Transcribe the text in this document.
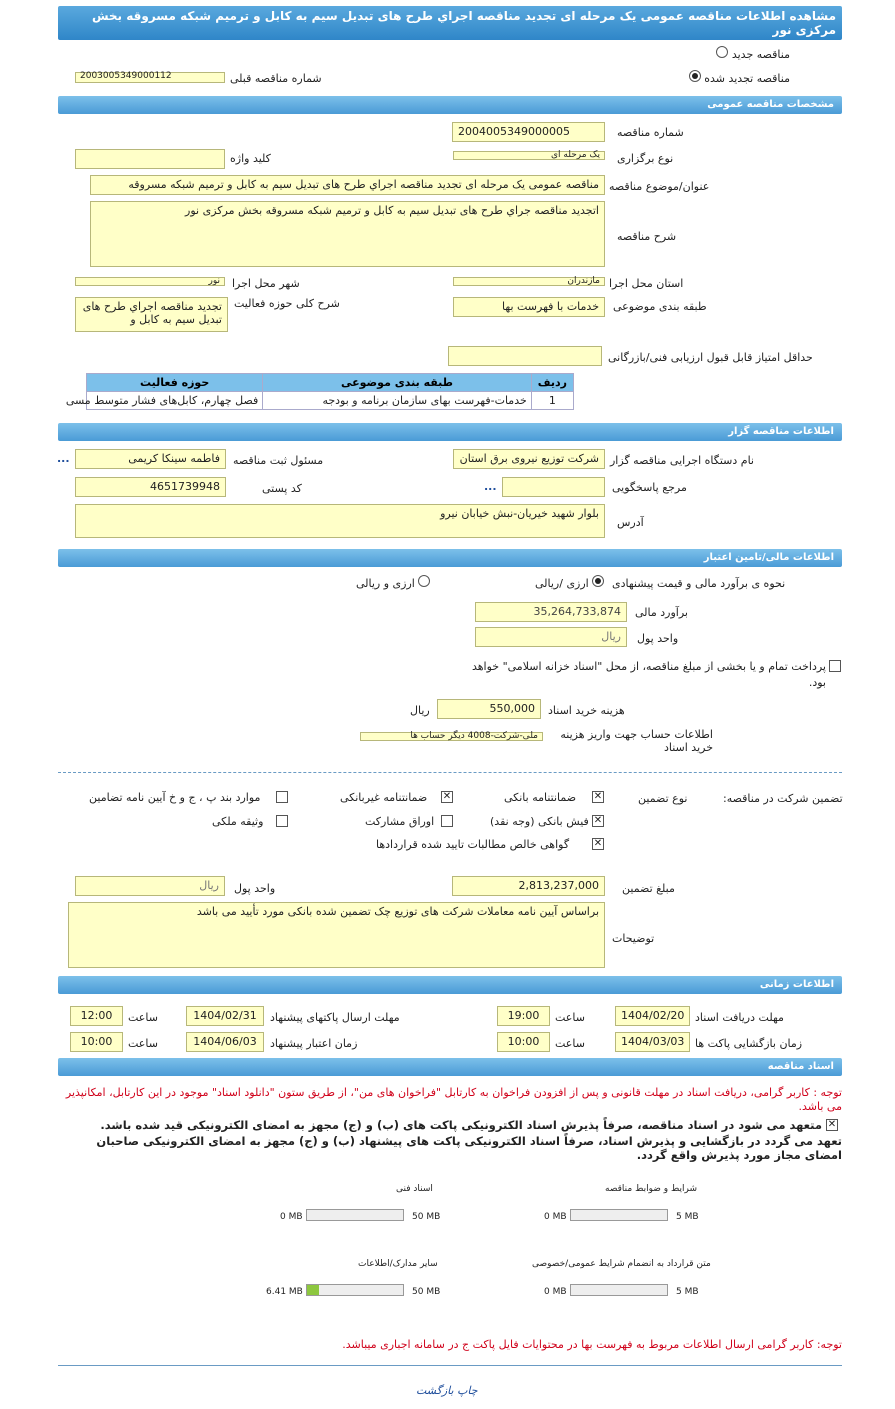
مشاهده اطلاعات مناقصه عمومی یک مرحله ای تجدید مناقصه اجراي طرح های تبدیل سیم به کابل و ترمیم شبکه مسروقه بخش مرکزی نور
مناقصه جدید
مناقصه تجدید شده
شماره مناقصه قبلی
2003005349000112
مشخصات مناقصه عمومی
شماره مناقصه
2004005349000005
نوع برگزاری
یک مرحله ای
کلید واژه
عنوان/موضوع مناقصه
مناقصه عمومی یک مرحله ای تجدید مناقصه اجراي طرح های تبدیل سیم به کابل و ترمیم شبکه مسروقه
شرح مناقصه
اتجدید مناقصه جراي طرح های تبدیل سیم به کابل و ترمیم شبکه مسروقه بخش مرکزی نور
استان محل اجرا
مازندران
شهر محل اجرا
نور
طبقه بندی موضوعی
خدمات با فهرست بها
شرح کلی حوزه فعالیت
تجدید مناقصه اجراي طرح های تبدیل سیم به کابل و
حداقل امتیاز قابل قبول ارزیابی فنی/بازرگانی
ردیف	طبقه بندی موضوعی	حوزه فعالیت
1	خدمات-فهرست بهای سازمان برنامه و بودجه	فصل چهارم، کابل‌های فشار متوسط مسی
اطلاعات مناقصه گزار
نام دستگاه اجرایی مناقصه گزار
شرکت توزیع نیروی برق استان
مسئول ثبت مناقصه
فاطمه سینکا کریمی
...
مرجع پاسخگویی
...
کد پستی
4651739948
آدرس
بلوار شهید خیریان-نبش خیابان نیرو
اطلاعات مالی/تامین اعتبار
نحوه ی برآورد مالی و قیمت پیشنهادی
ارزی /ریالی
ارزی و ریالی
برآورد مالی
35,264,733,874
واحد پول
ریال
پرداخت تمام و یا بخشی از مبلغ مناقصه، از محل "اسناد خزانه اسلامی" خواهد بود.
هزینه خرید اسناد
550,000
ریال
اطلاعات حساب جهت واریز هزینه خرید اسناد
ملی-شرکت-4008 دیگر حساب ها
تضمین شرکت در مناقصه:
نوع تضمین
ضمانتنامه بانکی ✕
ضمانتنامه غیربانکی ✕
موارد بند پ ، ج و خ آیین نامه تضامین
فیش بانکی (وجه نقد) ✕
اوراق مشارکت
وثیقه ملکی
گواهی خالص مطالبات تایید شده قراردادها ✕
مبلغ تضمین
2,813,237,000
واحد پول
ریال
توضیحات
براساس آیین نامه معاملات شرکت های توزیع چک تضمین شده بانکی مورد تأیید می باشد
اطلاعات زمانی
مهلت دریافت اسناد
1404/02/20
ساعت
19:00
مهلت ارسال پاکتهای پیشنهاد
1404/02/31
ساعت
12:00
زمان بازگشایی پاکت ها
1404/03/03
ساعت
10:00
زمان اعتبار پیشنهاد
1404/06/03
ساعت
10:00
اسناد مناقصه
توجه : کاربر گرامی، دریافت اسناد در مهلت قانونی و پس از افزودن فراخوان به کارتابل "فراخوان های من"، از طریق ستون "دانلود اسناد" موجود در این کارتابل، امکانپذیر می باشد.
✕
متعهد می شود در اسناد مناقصه، صرفاً پذیرش اسناد الکترونیکی پاکت های (ب) و (ج) مجهز به امضای الکترونیکی قید شده باشد.
تعهد می گردد در بازگشایی و پذیرش اسناد، صرفاً اسناد الکترونیکی پاکت های پیشنهاد (ب) و (ج) مجهز به امضای الکترونیکی صاحبان امضای مجاز مورد پذیرش واقع گردد.
شرایط و ضوابط مناقصه
0 MB	5 MB
اسناد فنی
0 MB	50 MB
متن قرارداد به انضمام شرایط عمومی/خصوصی
0 MB	5 MB
سایر مدارک/اطلاعات
6.41 MB	50 MB
توجه: کاربر گرامی ارسال اطلاعات مربوط به فهرست بها در محتوایات فایل پاکت ج در سامانه اجباری میباشد.
چاپ بازگشت
